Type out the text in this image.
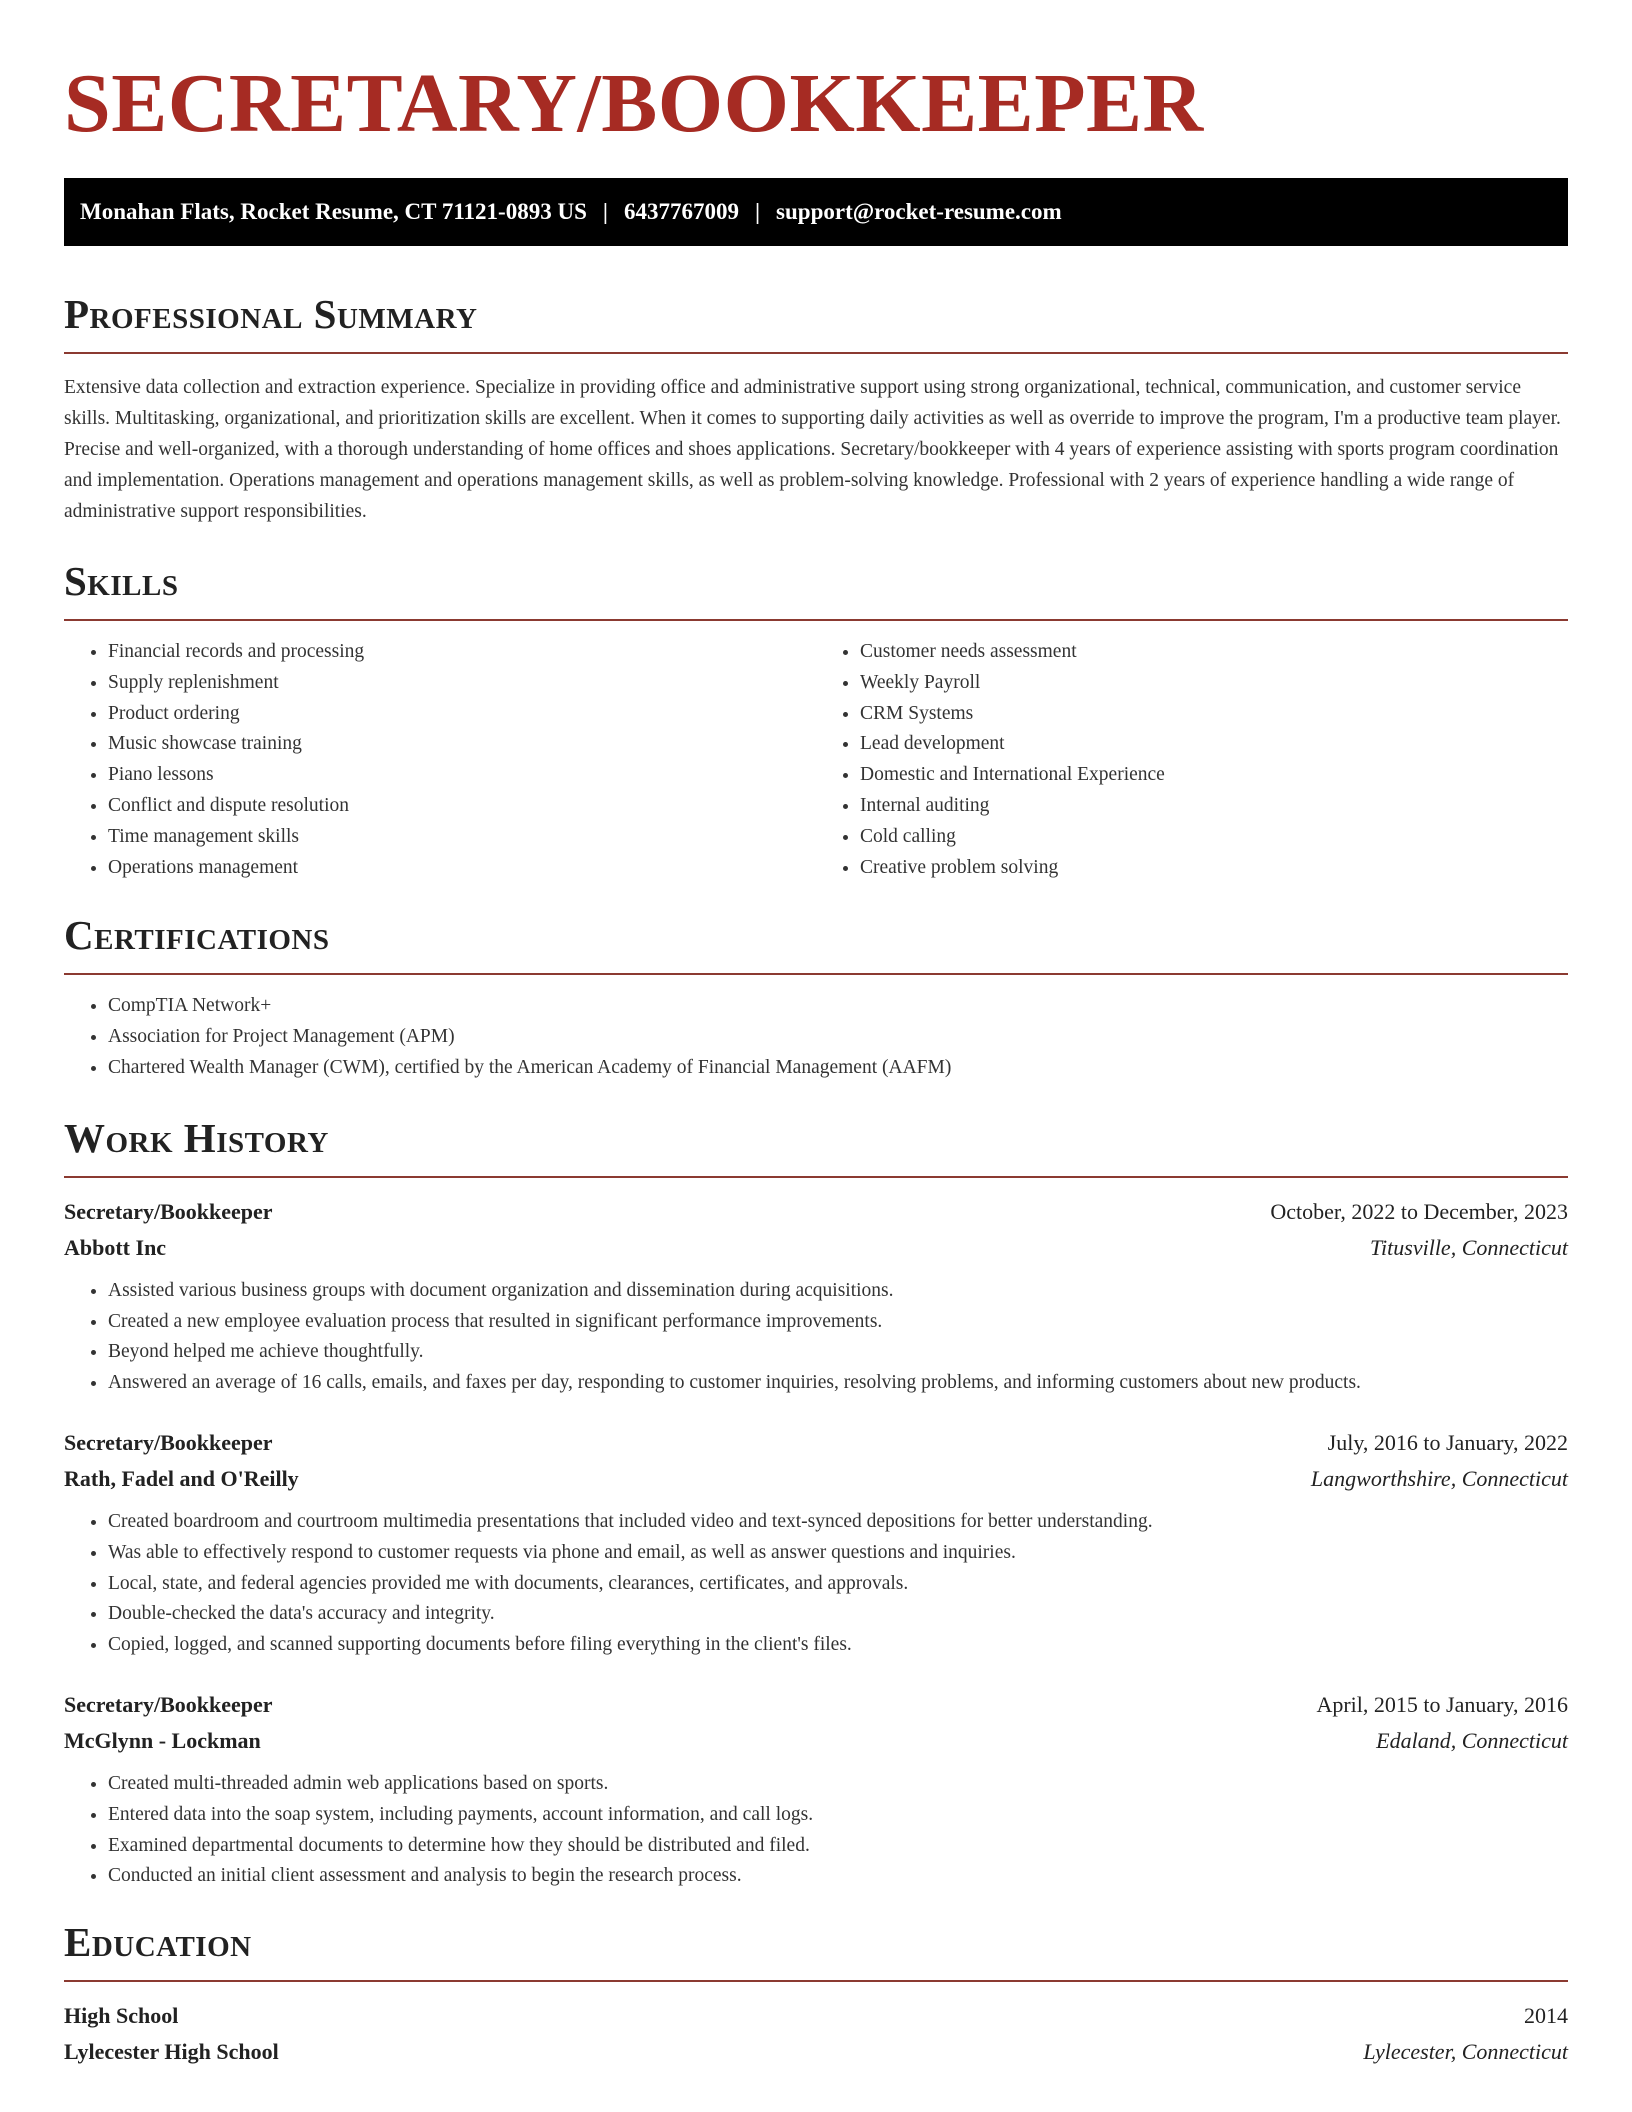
SECRETARY/BOOKKEEPER
Monahan Flats, Rocket Resume, CT 71121-0893 US | 6437767009 | support@rocket-resume.com
Professional Summary

Extensive data collection and extraction experience. Specialize in providing office and administrative support using strong organizational, technical, communication, and customer service skills. Multitasking, organizational, and prioritization skills are excellent. When it comes to supporting daily activities as well as override to improve the program, I'm a productive team player. Precise and well-organized, with a thorough understanding of home offices and shoes applications. Secretary/bookkeeper with 4 years of experience assisting with sports program coordination and implementation. Operations management and operations management skills, as well as problem-solving knowledge. Professional with 2 years of experience handling a wide range of administrative support responsibilities.

Skills
• Financial records and processing
• Supply replenishment
• Product ordering
• Music showcase training
• Piano lessons
• Conflict and dispute resolution
• Time management skills
• Operations management
• Customer needs assessment
• Weekly Payroll
• CRM Systems
• Lead development
• Domestic and International Experience
• Internal auditing
• Cold calling
• Creative problem solving
Certifications
• CompTIA Network+
• Association for Project Management (APM)
• Chartered Wealth Manager (CWM), certified by the American Academy of Financial Management (AAFM)
Work History
Secretary/Bookkeeper	October, 2022 to December, 2023
Abbott Inc	Titusville, Connecticut
• Assisted various business groups with document organization and dissemination during acquisitions.
• Created a new employee evaluation process that resulted in significant performance improvements.
• Beyond helped me achieve thoughtfully.
• Answered an average of 16 calls, emails, and faxes per day, responding to customer inquiries, resolving problems, and informing customers about new products.
Secretary/Bookkeeper	July, 2016 to January, 2022
Rath, Fadel and O'Reilly	Langworthshire, Connecticut
• Created boardroom and courtroom multimedia presentations that included video and text-synced depositions for better understanding.
• Was able to effectively respond to customer requests via phone and email, as well as answer questions and inquiries.
• Local, state, and federal agencies provided me with documents, clearances, certificates, and approvals.
• Double-checked the data's accuracy and integrity.
• Copied, logged, and scanned supporting documents before filing everything in the client's files.
Secretary/Bookkeeper	April, 2015 to January, 2016
McGlynn - Lockman	Edaland, Connecticut
• Created multi-threaded admin web applications based on sports.
• Entered data into the soap system, including payments, account information, and call logs.
• Examined departmental documents to determine how they should be distributed and filed.
• Conducted an initial client assessment and analysis to begin the research process.
Education
High School	2014
Lylecester High School	Lylecester, Connecticut
